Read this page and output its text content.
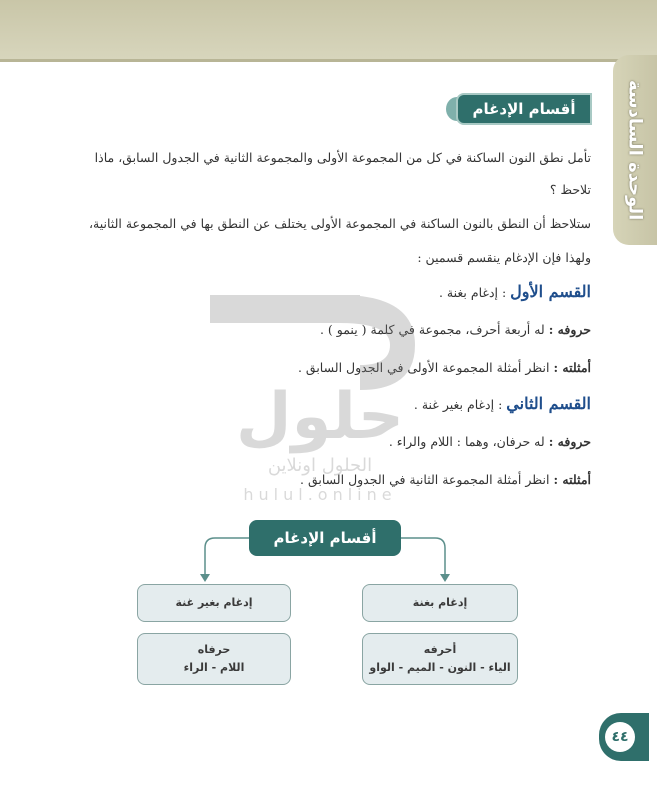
الوحدة السادسة
أقسام الإدغام
تأمل نطق النون الساكنة في كل من المجموعة الأولى والمجموعة الثانية في الجدول السابق، ماذا
تلاحظ ؟
ستلاحظ أن النطق بالنون الساكنة في المجموعة الأولى يختلف عن النطق بها في المجموعة الثانية،
ولهذا فإن الإدغام ينقسم قسمين :
القسم الأول : إدغام بغنة .
حروفه : له أربعة أحرف، مجموعة في كلمة ( ينمو ) .
أمثلته : انظر أمثلة المجموعة الأولى في الجدول السابق .
القسم الثاني : إدغام بغير غنة .
حروفه : له حرفان، وهما : اللام والراء .
أمثلته : انظر أمثلة المجموعة الثانية في الجدول السابق .
حلول
الحلول اونلاين
hulul.online
أقسام الإدغام
إدغام بغنة
إدغام بغير غنة
أحرفه
الياء - النون - الميم - الواو
حرفاه
اللام - الراء
٤٤
